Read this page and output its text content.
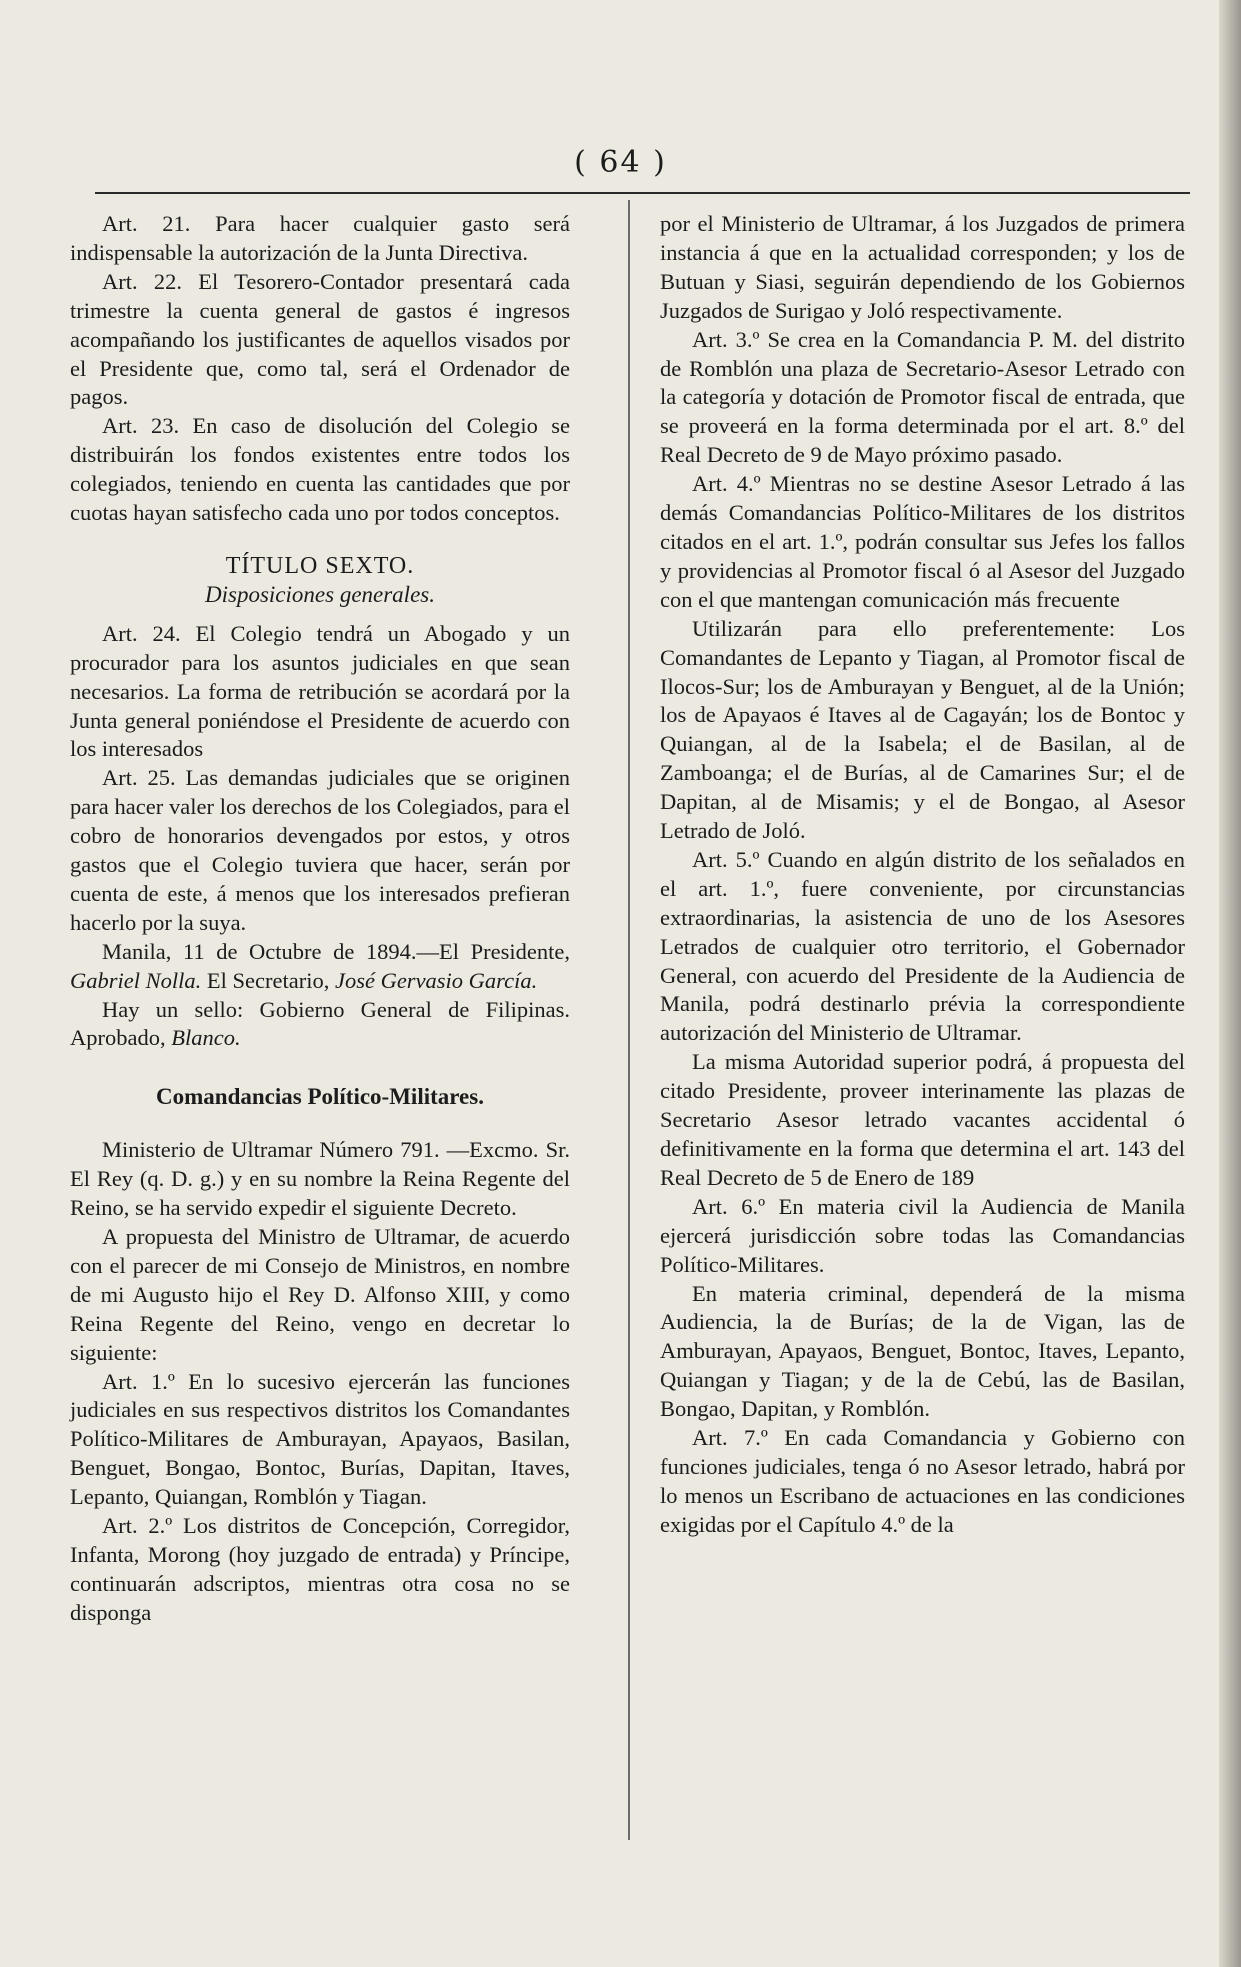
( 64 )

Art. 21. Para hacer cualquier gasto será indispensable la autorización de la Junta Directiva.

Art. 22. El Tesorero-Contador presentará cada trimestre la cuenta general de gastos é ingresos acompañando los justificantes de aquellos visados por el Presidente que, como tal, será el Ordenador de pagos.

Art. 23. En caso de disolución del Colegio se distribuirán los fondos existentes entre todos los colegiados, teniendo en cuenta las cantidades que por cuotas hayan satisfecho cada uno por todos conceptos.

TÍTULO SEXTO.

Disposiciones generales.

Art. 24. El Colegio tendrá un Abogado y un procurador para los asuntos judiciales en que sean necesarios. La forma de retribución se acordará por la Junta general poniéndose el Presidente de acuerdo con los interesados

Art. 25. Las demandas judiciales que se originen para hacer valer los derechos de los Colegiados, para el cobro de honorarios devengados por estos, y otros gastos que el Colegio tuviera que hacer, serán por cuenta de este, á menos que los interesados prefieran hacerlo por la suya.

Manila, 11 de Octubre de 1894.—El Presidente, Gabriel Nolla. El Secretario, José Gervasio García.

Hay un sello: Gobierno General de Filipinas. Aprobado, Blanco.

Comandancias Político-Militares.

Ministerio de Ultramar Número 791. —Excmo. Sr. El Rey (q. D. g.) y en su nombre la Reina Regente del Reino, se ha servido expedir el siguiente Decreto.

A propuesta del Ministro de Ultramar, de acuerdo con el parecer de mi Consejo de Ministros, en nombre de mi Augusto hijo el Rey D. Alfonso XIII, y como Reina Regente del Reino, vengo en decretar lo siguiente:

Art. 1.º En lo sucesivo ejercerán las funciones judiciales en sus respectivos distritos los Comandantes Político-Militares de Amburayan, Apayaos, Basilan, Benguet, Bongao, Bontoc, Burías, Dapitan, Itaves, Lepanto, Quiangan, Romblón y Tiagan.

Art. 2.º Los distritos de Concepción, Corregidor, Infanta, Morong (hoy juzgado de entrada) y Príncipe, continuarán adscriptos, mientras otra cosa no se disponga

por el Ministerio de Ultramar, á los Juzgados de primera instancia á que en la actualidad corresponden; y los de Butuan y Siasi, seguirán dependiendo de los Gobiernos Juzgados de Surigao y Joló respectivamente.

Art. 3.º Se crea en la Comandancia P. M. del distrito de Romblón una plaza de Secretario-Asesor Letrado con la categoría y dotación de Promotor fiscal de entrada, que se proveerá en la forma determinada por el art. 8.º del Real Decreto de 9 de Mayo próximo pasado.

Art. 4.º Mientras no se destine Asesor Letrado á las demás Comandancias Político-Militares de los distritos citados en el art. 1.º, podrán consultar sus Jefes los fallos y providencias al Promotor fiscal ó al Asesor del Juzgado con el que mantengan comunicación más frecuente

Utilizarán para ello preferentemente: Los Comandantes de Lepanto y Tiagan, al Promotor fiscal de Ilocos-Sur; los de Amburayan y Benguet, al de la Unión; los de Apayaos é Itaves al de Cagayán; los de Bontoc y Quiangan, al de la Isabela; el de Basilan, al de Zamboanga; el de Burías, al de Camarines Sur; el de Dapitan, al de Misamis; y el de Bongao, al Asesor Letrado de Joló.

Art. 5.º Cuando en algún distrito de los señalados en el art. 1.º, fuere conveniente, por circunstancias extraordinarias, la asistencia de uno de los Asesores Letrados de cualquier otro territorio, el Gobernador General, con acuerdo del Presidente de la Audiencia de Manila, podrá destinarlo prévia la correspondiente autorización del Ministerio de Ultramar.

La misma Autoridad superior podrá, á propuesta del citado Presidente, proveer interinamente las plazas de Secretario Asesor letrado vacantes accidental ó definitivamente en la forma que determina el art. 143 del Real Decreto de 5 de Enero de 189

Art. 6.º En materia civil la Audiencia de Manila ejercerá jurisdicción sobre todas las Comandancias Político-Militares.

En materia criminal, dependerá de la misma Audiencia, la de Burías; de la de Vigan, las de Amburayan, Apayaos, Benguet, Bontoc, Itaves, Lepanto, Quiangan y Tiagan; y de la de Cebú, las de Basilan, Bongao, Dapitan, y Romblón.

Art. 7.º En cada Comandancia y Gobierno con funciones judiciales, tenga ó no Asesor letrado, habrá por lo menos un Escribano de actuaciones en las condiciones exigidas por el Capítulo 4.º de la
